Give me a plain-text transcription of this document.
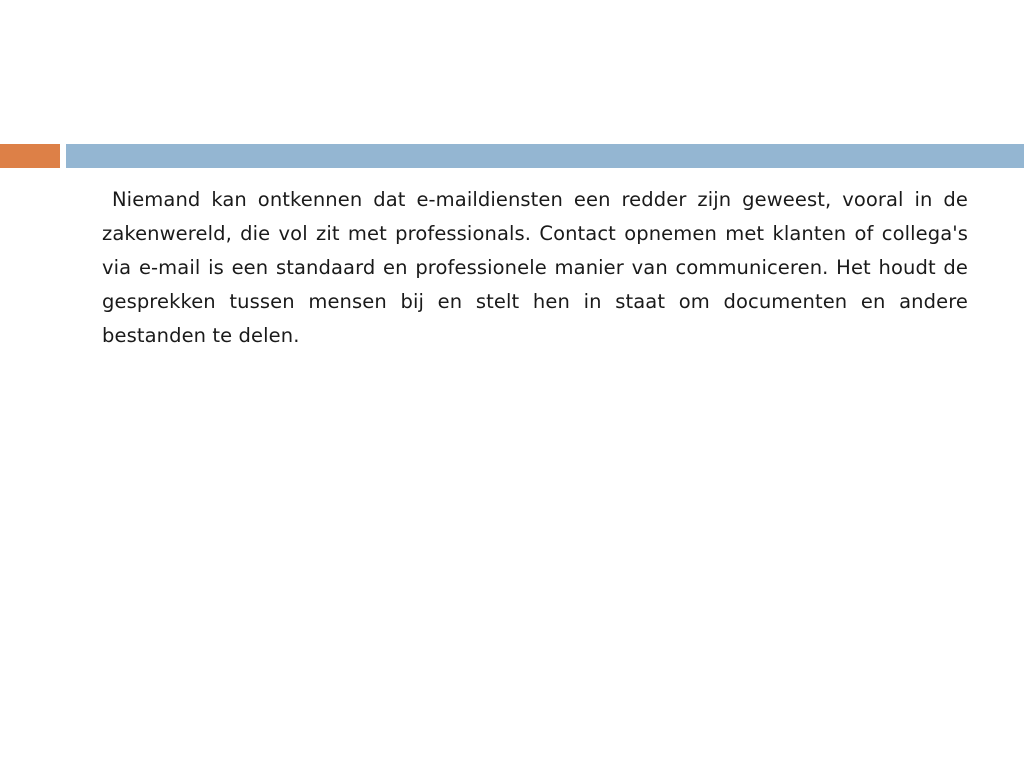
Niemand kan ontkennen dat e-maildiensten een redder zijn geweest, vooral in de zakenwereld, die vol zit met professionals. Contact opnemen met klanten of collega's via e-mail is een standaard en professionele manier van communiceren. Het houdt de gesprekken tussen mensen bij en stelt hen in staat om documenten en andere bestanden te delen.
